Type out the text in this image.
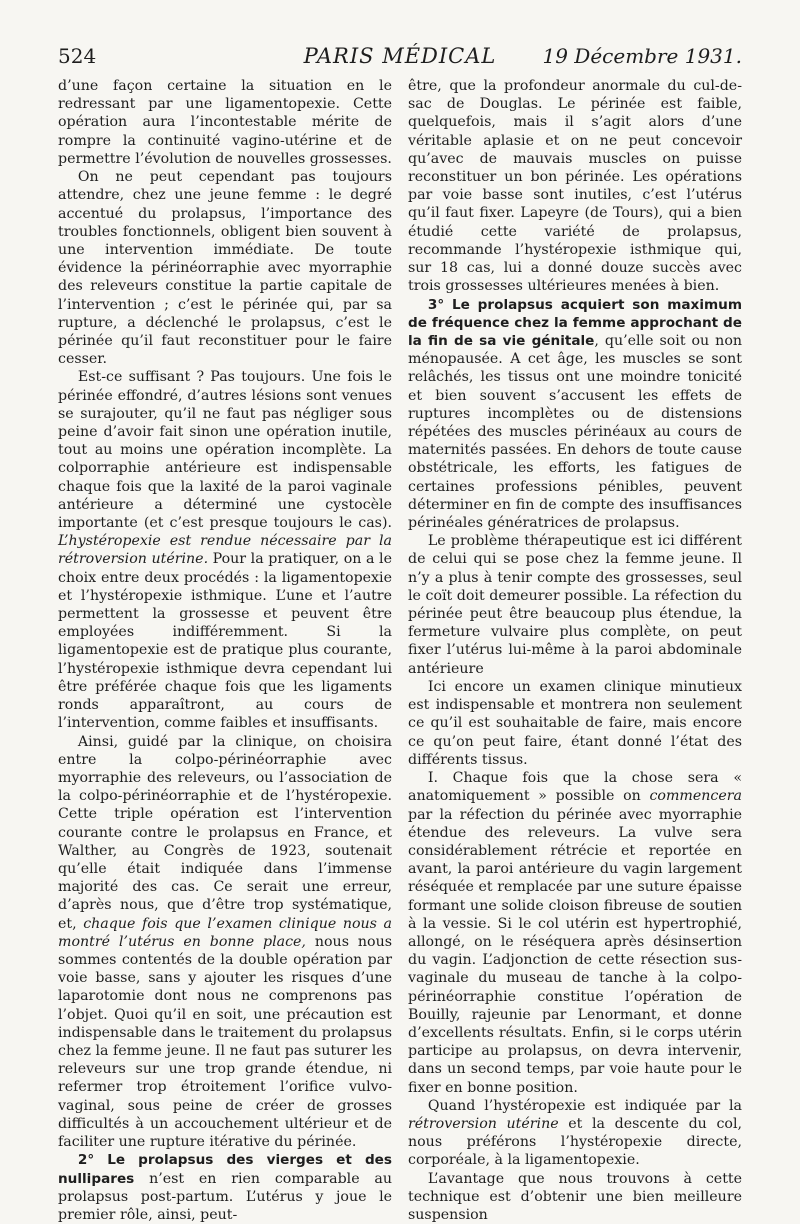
524	PARIS MÉDICAL	19 Décembre 1931.

d’une façon certaine la situation en le redressant par une ligamentopexie. Cette opération aura l’incontestable mérite de rompre la continuité vagino-utérine et de permettre l’évolution de nouvelles grossesses.

On ne peut cependant pas toujours attendre, chez une jeune femme : le degré accentué du prolapsus, l’importance des troubles fonctionnels, obligent bien souvent à une intervention immédiate. De toute évidence la périnéorraphie avec myorraphie des releveurs constitue la partie capitale de l’intervention ; c’est le périnée qui, par sa rupture, a déclenché le prolapsus, c’est le périnée qu’il faut reconstituer pour le faire cesser.

Est-ce suffisant ? Pas toujours. Une fois le périnée effondré, d’autres lésions sont venues se surajouter, qu’il ne faut pas négliger sous peine d’avoir fait sinon une opération inutile, tout au moins une opération incomplète. La colporraphie antérieure est indispensable chaque fois que la laxité de la paroi vaginale antérieure a déterminé une cystocèle importante (et c’est presque toujours le cas). L’hystéropexie est rendue nécessaire par la rétroversion utérine. Pour la pratiquer, on a le choix entre deux procédés : la ligamentopexie et l’hystéropexie isthmique. L’une et l’autre permettent la grossesse et peuvent être employées indifféremment. Si la ligamentopexie est de pratique plus courante, l’hystéropexie isthmique devra cependant lui être préférée chaque fois que les ligaments ronds apparaîtront, au cours de l’intervention, comme faibles et insuffisants.

Ainsi, guidé par la clinique, on choisira entre la colpo-périnéorraphie avec myorraphie des releveurs, ou l’association de la colpo-périnéorraphie et de l’hystéropexie. Cette triple opération est l’intervention courante contre le prolapsus en France, et Walther, au Congrès de 1923, soutenait qu’elle était indiquée dans l’immense majorité des cas. Ce serait une erreur, d’après nous, que d’être trop systématique, et, chaque fois que l’examen clinique nous a montré l’utérus en bonne place, nous nous sommes contentés de la double opération par voie basse, sans y ajouter les risques d’une laparotomie dont nous ne comprenons pas l’objet. Quoi qu’il en soit, une précaution est indispensable dans le traitement du prolapsus chez la femme jeune. Il ne faut pas suturer les releveurs sur une trop grande étendue, ni refermer trop étroitement l’orifice vulvo-vaginal, sous peine de créer de grosses difficultés à un accouchement ultérieur et de faciliter une rupture itérative du périnée.

2° Le prolapsus des vierges et des nullipares n’est en rien comparable au prolapsus post-partum. L’utérus y joue le premier rôle, ainsi, peut-

être, que la profondeur anormale du cul-de-sac de Douglas. Le périnée est faible, quelquefois, mais il s’agit alors d’une véritable aplasie et on ne peut concevoir qu’avec de mauvais muscles on puisse reconstituer un bon périnée. Les opérations par voie basse sont inutiles, c’est l’utérus qu’il faut fixer. Lapeyre (de Tours), qui a bien étudié cette variété de prolapsus, recommande l’hystéropexie isthmique qui, sur 18 cas, lui a donné douze succès avec trois grossesses ultérieures menées à bien.

3° Le prolapsus acquiert son maximum de fréquence chez la femme approchant de la fin de sa vie génitale, qu’elle soit ou non ménopausée. A cet âge, les muscles se sont relâchés, les tissus ont une moindre tonicité et bien souvent s’accusent les effets de ruptures incomplètes ou de distensions répétées des muscles périnéaux au cours de maternités passées. En dehors de toute cause obstétricale, les efforts, les fatigues de certaines professions pénibles, peuvent déterminer en fin de compte des insuffisances périnéales génératrices de prolapsus.

Le problème thérapeutique est ici différent de celui qui se pose chez la femme jeune. Il n’y a plus à tenir compte des grossesses, seul le coït doit demeurer possible. La réfection du périnée peut être beaucoup plus étendue, la fermeture vulvaire plus complète, on peut fixer l’utérus lui-même à la paroi abdominale antérieure

Ici encore un examen clinique minutieux est indispensable et montrera non seulement ce qu’il est souhaitable de faire, mais encore ce qu’on peut faire, étant donné l’état des différents tissus.

I. Chaque fois que la chose sera « anatomiquement » possible on commencera par la réfection du périnée avec myorraphie étendue des releveurs. La vulve sera considérablement rétrécie et reportée en avant, la paroi antérieure du vagin largement réséquée et remplacée par une suture épaisse formant une solide cloison fibreuse de soutien à la vessie. Si le col utérin est hypertrophié, allongé, on le réséquera après désinsertion du vagin. L’adjonction de cette résection sus-vaginale du museau de tanche à la colpo-périnéorraphie constitue l’opération de Bouilly, rajeunie par Lenormant, et donne d’excellents résultats. Enfin, si le corps utérin participe au prolapsus, on devra intervenir, dans un second temps, par voie haute pour le fixer en bonne position.

Quand l’hystéropexie est indiquée par la rétroversion utérine et la descente du col, nous préférons l’hystéropexie directe, corporéale, à la ligamentopexie.

L’avantage que nous trouvons à cette technique est d’obtenir une bien meilleure suspension
